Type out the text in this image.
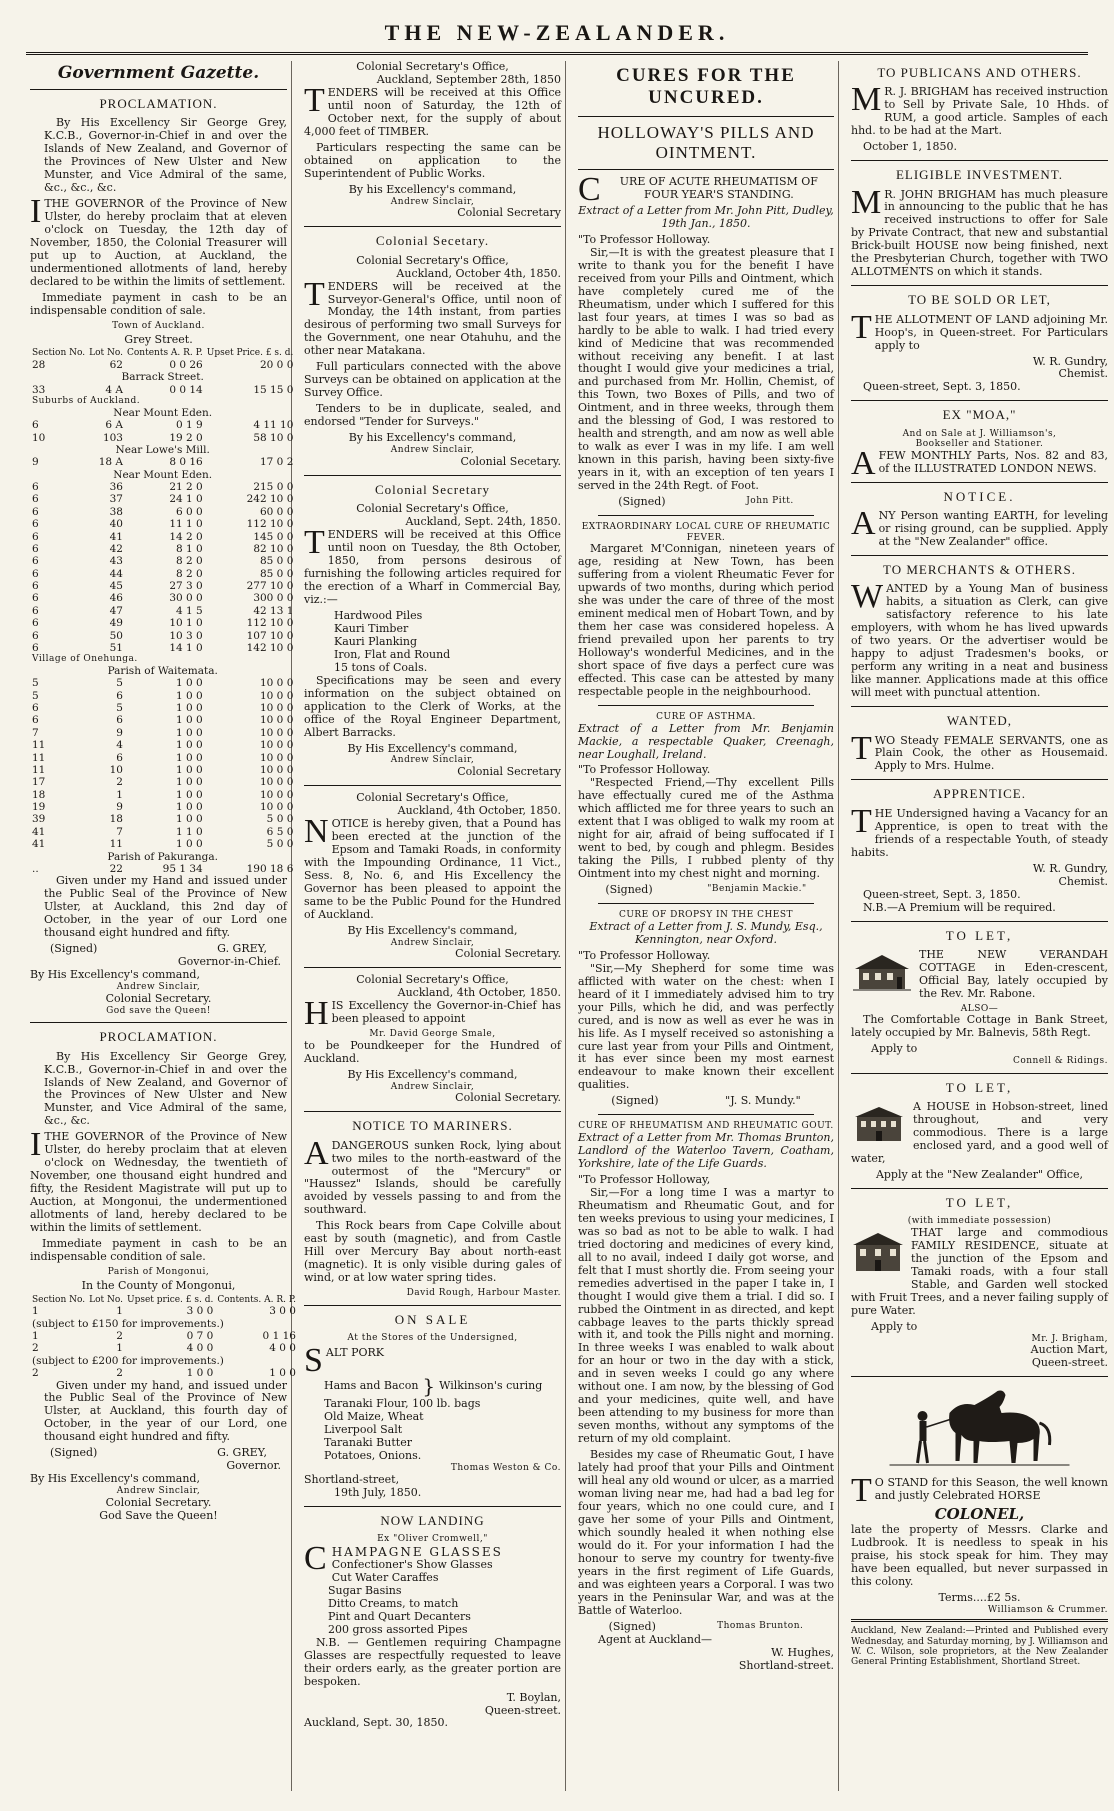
THE NEW-ZEALANDER.
Government Gazette.
PROCLAMATION.

By His Excellency Sir George Grey, K.C.B., Governor-in-Chief in and over the Islands of New Zealand, and Governor of the Provinces of New Ulster and New Munster, and Vice Admiral of the same, &c., &c., &c.

ITHE GOVERNOR of the Province of New Ulster, do hereby proclaim that at eleven o'clock on Tuesday, the 12th day of November, 1850, the Colonial Treasurer will put up to Auction, at Auckland, the undermentioned allotments of land, hereby declared to be within the limits of settlement.

Immediate payment in cash to be an indispensable condition of sale.

Town of Auckland.
Grey Street.
Section No.	Lot No.	Contents A. R. P.	Upset Price. £ s. d.
28	62	0 0 26	20 0 0
Barrack Street.			
33	4 A	0 0 14	15 15 0
Suburbs of Auckland.			
Near Mount Eden.			
6	6 A	0 1 9	4 11 10
10	103	19 2 0	58 10 0
Near Lowe's Mill.			
9	18 A	8 0 16	17 0 2
Near Mount Eden.			
6	36	21 2 0	215 0 0
6	37	24 1 0	242 10 0
6	38	6 0 0	60 0 0
6	40	11 1 0	112 10 0
6	41	14 2 0	145 0 0
6	42	8 1 0	82 10 0
6	43	8 2 0	85 0 0
6	44	8 2 0	85 0 0
6	45	27 3 0	277 10 0
6	46	30 0 0	300 0 0
6	47	4 1 5	42 13 1
6	49	10 1 0	112 10 0
6	50	10 3 0	107 10 0
6	51	14 1 0	142 10 0
Village of Onehunga.			
Parish of Waitemata.			
5	5	1 0 0	10 0 0
5	6	1 0 0	10 0 0
6	5	1 0 0	10 0 0
6	6	1 0 0	10 0 0
7	9	1 0 0	10 0 0
11	4	1 0 0	10 0 0
11	6	1 0 0	10 0 0
11	10	1 0 0	10 0 0
17	2	1 0 0	10 0 0
18	1	1 0 0	10 0 0
19	9	1 0 0	10 0 0
39	18	1 0 0	5 0 0
41	7	1 1 0	6 5 0
41	11	1 0 0	5 0 0
Parish of Pakuranga.			
..	22	95 1 34	190 18 6

Given under my Hand and issued under the Public Seal of the Province of New Ulster, at Auckland, this 2nd day of October, in the year of our Lord one thousand eight hundred and fifty.

(Signed)	G. GREY,
Governor-in-Chief.
By His Excellency's command,
Andrew Sinclair,
Colonial Secretary.
God save the Queen!
PROCLAMATION.

By His Excellency Sir George Grey, K.C.B., Governor-in-Chief in and over the Islands of New Zealand, and Governor of the Provinces of New Ulster and New Munster, and Vice Admiral of the same, &c., &c.

ITHE GOVERNOR of the Province of New Ulster, do hereby proclaim that at eleven o'clock on Wednesday, the twentieth of November, one thousand eight hundred and fifty, the Resident Magistrate will put up to Auction, at Mongonui, the undermentioned allotments of land, hereby declared to be within the limits of settlement.

Immediate payment in cash to be an indispensable condition of sale.

Parish of Mongonui,
In the County of Mongonui,
Section No.	Lot No.	Upset price. £ s. d.	Contents. A. R. P.
1	1	3 0 0	3 0 0
(subject to £150 for improvements.)			
1	2	0 7 0	0 1 16
2	1	4 0 0	4 0 0
(subject to £200 for improvements.)			
2	2	1 0 0	1 0 0

Given under my hand, and issued under the Public Seal of the Province of New Ulster, at Auckland, this fourth day of October, in the year of our Lord, one thousand eight hundred and fifty.

(Signed)	G. GREY,
Governor.
By His Excellency's command,
Andrew Sinclair,
Colonial Secretary.
God Save the Queen!
Colonial Secretary's Office,
Auckland, September 28th, 1850

TENDERS will be received at this Office until noon of Saturday, the 12th of October next, for the supply of about 4,000 feet of TIMBER.

Particulars respecting the same can be obtained on application to the Superintendent of Public Works.

By his Excellency's command,
Andrew Sinclair,
Colonial Secretary
Colonial Secetary.
Colonial Secretary's Office,
Auckland, October 4th, 1850.

TENDERS will be received at the Surveyor-General's Office, until noon of Monday, the 14th instant, from parties desirous of performing two small Surveys for the Government, one near Otahuhu, and the other near Matakana.

Full particulars connected with the above Surveys can be obtained on application at the Survey Office.

Tenders to be in duplicate, sealed, and endorsed "Tender for Surveys."

By his Excellency's command,
Andrew Sinclair,
Colonial Secetary.
Colonial Secretary
Colonial Secretary's Office,
Auckland, Sept. 24th, 1850.

TENDERS will be received at this Office until noon on Tuesday, the 8th October, 1850, from persons desirous of furnishing the following articles required for the erection of a Wharf in Commercial Bay, viz.:—

Hardwood Piles
Kauri Timber
Kauri Planking
Iron, Flat and Round
15 tons of Coals.

Specifications may be seen and every information on the subject obtained on application to the Clerk of Works, at the office of the Royal Engineer Department, Albert Barracks.

By His Excellency's command,
Andrew Sinclair,
Colonial Secretary
Colonial Secretary's Office,
Auckland, 4th October, 1850.

NOTICE is hereby given, that a Pound has been erected at the junction of the Epsom and Tamaki Roads, in conformity with the Impounding Ordinance, 11 Vict., Sess. 8, No. 6, and His Excellency the Governor has been pleased to appoint the same to be the Public Pound for the Hundred of Auckland.

By His Excellency's command,
Andrew Sinclair,
Colonial Secretary.
Colonial Secretary's Office,
Auckland, 4th October, 1850.

HIS Excellency the Governor-in-Chief has been pleased to appoint

Mr. David George Smale,

to be Poundkeeper for the Hundred of Auckland.

By His Excellency's command,
Andrew Sinclair,
Colonial Secretary.
NOTICE TO MARINERS.

ADANGEROUS sunken Rock, lying about two miles to the north-eastward of the outermost of the "Mercury" or "Haussez" Islands, should be carefully avoided by vessels passing to and from the southward.

This Rock bears from Cape Colville about east by south (magnetic), and from Castle Hill over Mercury Bay about north-east (magnetic). It is only visible during gales of wind, or at low water spring tides.

David Rough, Harbour Master.
ON SALE
At the Stores of the Undersigned,
SALT PORK
Hams and Bacon } Wilkinson's curing
Taranaki Flour, 100 lb. bags
Old Maize, Wheat
Liverpool Salt
Taranaki Butter
Potatoes, Onions.
Thomas Weston & Co.
Shortland-street,
19th July, 1850.
NOW LANDING
Ex "Oliver Cromwell,"
CHAMPAGNE GLASSES
Confectioner's Show Glasses
Cut Water Caraffes
Sugar Basins
Ditto Creams, to match
Pint and Quart Decanters
200 gross assorted Pipes

N.B. — Gentlemen requiring Champagne Glasses are respectfully requested to leave their orders early, as the greater portion are bespoken.

T. Boylan,
Queen-street.
Auckland, Sept. 30, 1850.
CURES FOR THE UNCURED.
HOLLOWAY'S PILLS AND OINTMENT.

CURE OF ACUTE RHEUMATISM OF FOUR YEAR'S STANDING.

Extract of a Letter from Mr. John Pitt, Dudley, 19th Jan., 1850.

"To Professor Holloway.

Sir,—It is with the greatest pleasure that I write to thank you for the benefit I have received from your Pills and Ointment, which have completely cured me of the Rheumatism, under which I suffered for this last four years, at times I was so bad as hardly to be able to walk. I had tried every kind of Medicine that was recommended without receiving any benefit. I at last thought I would give your medicines a trial, and purchased from Mr. Hollin, Chemist, of this Town, two Boxes of Pills, and two of Ointment, and in three weeks, through them and the blessing of God, I was restored to health and strength, and am now as well able to walk as ever I was in my life. I am well known in this parish, having been sixty-five years in it, with an exception of ten years I served in the 24th Regt. of Foot.

(Signed)	John Pitt.
EXTRAORDINARY LOCAL CURE OF RHEUMATIC FEVER.

Margaret M'Connigan, nineteen years of age, residing at New Town, has been suffering from a violent Rheumatic Fever for upwards of two months, during which period she was under the care of three of the most eminent medical men of Hobart Town, and by them her case was considered hopeless. A friend prevailed upon her parents to try Holloway's wonderful Medicines, and in the short space of five days a perfect cure was effected. This case can be attested by many respectable people in the neighbourhood.

CURE OF ASTHMA.

Extract of a Letter from Mr. Benjamin Mackie, a respectable Quaker, Creenagh, near Loughall, Ireland.

"To Professor Holloway.

"Respected Friend,—Thy excellent Pills have effectually cured me of the Asthma which afflicted me for three years to such an extent that I was obliged to walk my room at night for air, afraid of being suffocated if I went to bed, by cough and phlegm. Besides taking the Pills, I rubbed plenty of thy Ointment into my chest night and morning.

(Signed)	"Benjamin Mackie."
CURE OF DROPSY IN THE CHEST

Extract of a Letter from J. S. Mundy, Esq., Kennington, near Oxford.

"To Professor Holloway.

"Sir,—My Shepherd for some time was afflicted with water on the chest: when I heard of it I immediately advised him to try your Pills, which he did, and was perfectly cured, and is now as well as ever he was in his life. As I myself received so astonishing a cure last year from your Pills and Ointment, it has ever since been my most earnest endeavour to make known their excellent qualities.

(Signed)	"J. S. Mundy."
CURE OF RHEUMATISM AND RHEUMATIC GOUT.

Extract of a Letter from Mr. Thomas Brunton, Landlord of the Waterloo Tavern, Coatham, Yorkshire, late of the Life Guards.

"To Professor Holloway,

Sir,—For a long time I was a martyr to Rheumatism and Rheumatic Gout, and for ten weeks previous to using your medicines, I was so bad as not to be able to walk. I had tried doctoring and medicines of every kind, all to no avail, indeed I daily got worse, and felt that I must shortly die. From seeing your remedies advertised in the paper I take in, I thought I would give them a trial. I did so. I rubbed the Ointment in as directed, and kept cabbage leaves to the parts thickly spread with it, and took the Pills night and morning. In three weeks I was enabled to walk about for an hour or two in the day with a stick, and in seven weeks I could go any where without one. I am now, by the blessing of God and your medicines, quite well, and have been attending to my business for more than seven months, without any symptoms of the return of my old complaint.

Besides my case of Rheumatic Gout, I have lately had proof that your Pills and Ointment will heal any old wound or ulcer, as a married woman living near me, had had a bad leg for four years, which no one could cure, and I gave her some of your Pills and Ointment, which soundly healed it when nothing else would do it. For your information I had the honour to serve my country for twenty-five years in the first regiment of Life Guards, and was eighteen years a Corporal. I was two years in the Peninsular War, and was at the Battle of Waterloo.

(Signed)	Thomas Brunton.
Agent at Auckland—
W. Hughes,
Shortland-street.
TO PUBLICANS AND OTHERS.

MR. J. BRIGHAM has received instruction to Sell by Private Sale, 10 Hhds. of RUM, a good article. Samples of each hhd. to be had at the Mart.

October 1, 1850.
ELIGIBLE INVESTMENT.

MR. JOHN BRIGHAM has much pleasure in announcing to the public that he has received instructions to offer for Sale by Private Contract, that new and substantial Brick-built HOUSE now being finished, next the Presbyterian Church, together with TWO ALLOTMENTS on which it stands.

TO BE SOLD OR LET,

THE ALLOTMENT OF LAND adjoining Mr. Hoop's, in Queen-street. For Particulars apply to

W. R. Gundry,
Chemist.
Queen-street, Sept. 3, 1850.
EX "MOA,"
And on Sale at J. Williamson's,
Bookseller and Stationer.

AFEW MONTHLY Parts, Nos. 82 and 83, of the ILLUSTRATED LONDON NEWS.

NOTICE.

ANY Person wanting EARTH, for leveling or rising ground, can be supplied. Apply at the "New Zealander" office.

TO MERCHANTS & OTHERS.

WANTED by a Young Man of business habits, a situation as Clerk, can give satisfactory reference to his late employers, with whom he has lived upwards of two years. Or the advertiser would be happy to adjust Tradesmen's books, or perform any writing in a neat and business like manner. Applications made at this office will meet with punctual attention.

WANTED,

TWO Steady FEMALE SERVANTS, one as Plain Cook, the other as Housemaid. Apply to Mrs. Hulme.

APPRENTICE.

THE Undersigned having a Vacancy for an Apprentice, is open to treat with the friends of a respectable Youth, of steady habits.

W. R. Gundry,
Chemist.
Queen-street, Sept. 3, 1850.
N.B.—A Premium will be required.
TO LET,

THE NEW VERANDAH COTTAGE in Eden-crescent, Official Bay, lately occupied by the Rev. Mr. Rabone.

ALSO—

The Comfortable Cottage in Bank Street, lately occupied by Mr. Balnevis, 58th Regt.

Apply to
Connell & Ridings.
TO LET,

A HOUSE in Hobson-street, lined throughout, and very commodious. There is a large enclosed yard, and a good well of water,

Apply at the "New Zealander" Office,
TO LET,
(with immediate possession)

THAT large and commodious FAMILY RESIDENCE, situate at the junction of the Epsom and Tamaki roads, with a four stall Stable, and Garden well stocked with Fruit Trees, and a never failing supply of pure Water.

Apply to
Mr. J. Brigham,
Auction Mart,
Queen-street.

TO STAND for this Season, the well known and justly Celebrated HORSE

COLONEL,

late the property of Messrs. Clarke and Ludbrook. It is needless to speak in his praise, his stock speak for him. They may have been equalled, but never surpassed in this colony.

Terms....£2 5s.
Williamson & Crummer.
Auckland, New Zealand:—Printed and Published every Wednesday, and Saturday morning, by J. Williamson and W. C. Wilson, sole proprietors, at the New Zealander General Printing Establishment, Shortland Street.
